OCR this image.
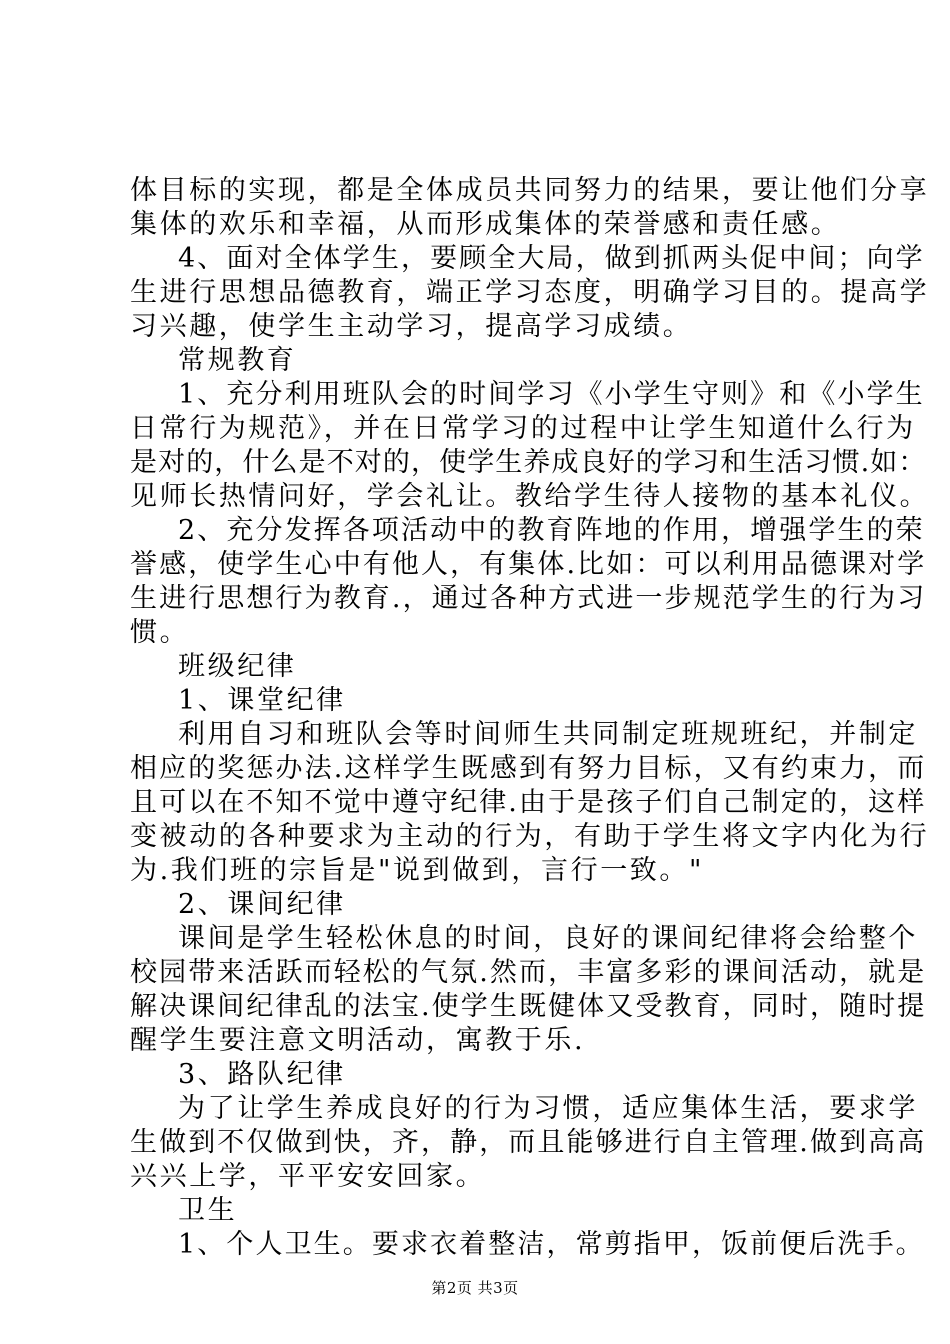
体目标的实现，都是全体成员共同努力的结果，要让他们分享
集体的欢乐和幸福，从而形成集体的荣誉感和责任感。
4、面对全体学生，要顾全大局，做到抓两头促中间；向学
生进行思想品德教育，端正学习态度，明确学习目的。提高学
习兴趣，使学生主动学习，提高学习成绩。
常规教育
1、充分利用班队会的时间学习《小学生守则》和《小学生
日常行为规范》，并在日常学习的过程中让学生知道什么行为
是对的，什么是不对的，使学生养成良好的学习和生活习惯.如：
见师长热情问好，学会礼让。教给学生待人接物的基本礼仪。
2、充分发挥各项活动中的教育阵地的作用，增强学生的荣
誉感，使学生心中有他人，有集体.比如：可以利用品德课对学
生进行思想行为教育.，通过各种方式进一步规范学生的行为习
惯。
班级纪律
1、课堂纪律
利用自习和班队会等时间师生共同制定班规班纪，并制定
相应的奖惩办法.这样学生既感到有努力目标，又有约束力，而
且可以在不知不觉中遵守纪律.由于是孩子们自己制定的，这样
变被动的各种要求为主动的行为，有助于学生将文字内化为行
为.我们班的宗旨是"说到做到，言行一致。"
2、课间纪律
课间是学生轻松休息的时间，良好的课间纪律将会给整个
校园带来活跃而轻松的气氛.然而，丰富多彩的课间活动，就是
解决课间纪律乱的法宝.使学生既健体又受教育，同时，随时提
醒学生要注意文明活动，寓教于乐.
3、路队纪律
为了让学生养成良好的行为习惯，适应集体生活，要求学
生做到不仅做到快，齐，静，而且能够进行自主管理.做到高高
兴兴上学，平平安安回家。
卫生
1、个人卫生。要求衣着整洁，常剪指甲，饭前便后洗手。
第2页 共3页
